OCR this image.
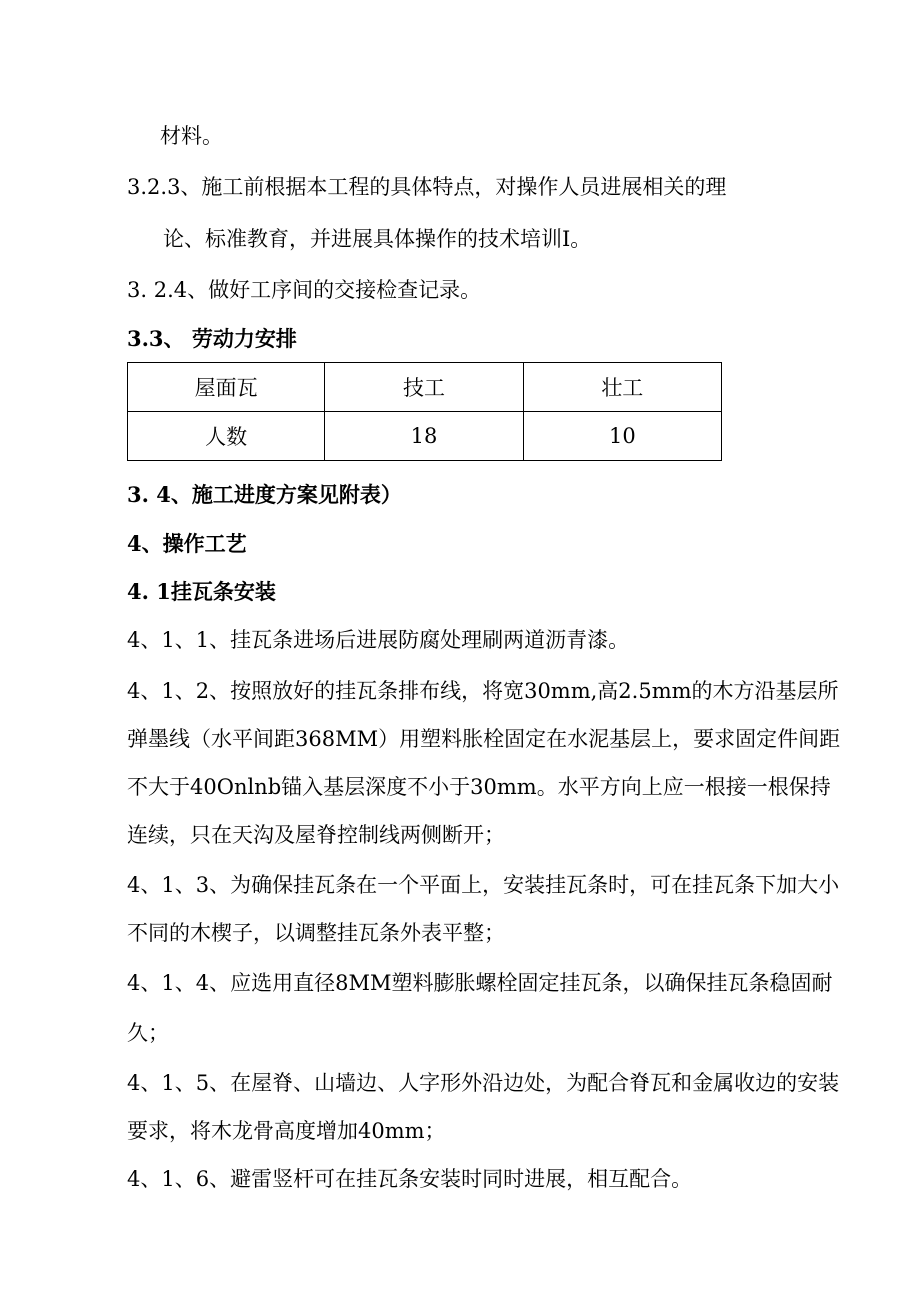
材料。

3.2.3、施工前根据本工程的具体特点，对操作人员进展相关的理

论、标准教育，并进展具体操作的技术培训I。

3. 2.4、做好工序间的交接检查记录。

3.3、 劳动力安排

屋面瓦	技工	壮工
人数	18	10

3. 4、施工进度方案见附表）

4、操作工艺

4. 1挂瓦条安装

4、1、1、挂瓦条进场后进展防腐处理刷两道沥青漆。

4、1、2、按照放好的挂瓦条排布线，将宽30mm,高2.5mm的木方沿基层所

弹墨线（水平间距368MM）用塑料胀栓固定在水泥基层上，要求固定件间距

不大于40Onlnb锚入基层深度不小于30mm。水平方向上应一根接一根保持

连续，只在天沟及屋脊控制线两侧断开；

4、1、3、为确保挂瓦条在一个平面上，安装挂瓦条时，可在挂瓦条下加大小

不同的木楔子，以调整挂瓦条外表平整；

4、1、4、应选用直径8MM塑料膨胀螺栓固定挂瓦条，以确保挂瓦条稳固耐

久；

4、1、5、在屋脊、山墙边、人字形外沿边处，为配合脊瓦和金属收边的安装

要求，将木龙骨高度增加40mm；

4、1、6、避雷竖杆可在挂瓦条安装时同时进展，相互配合。
